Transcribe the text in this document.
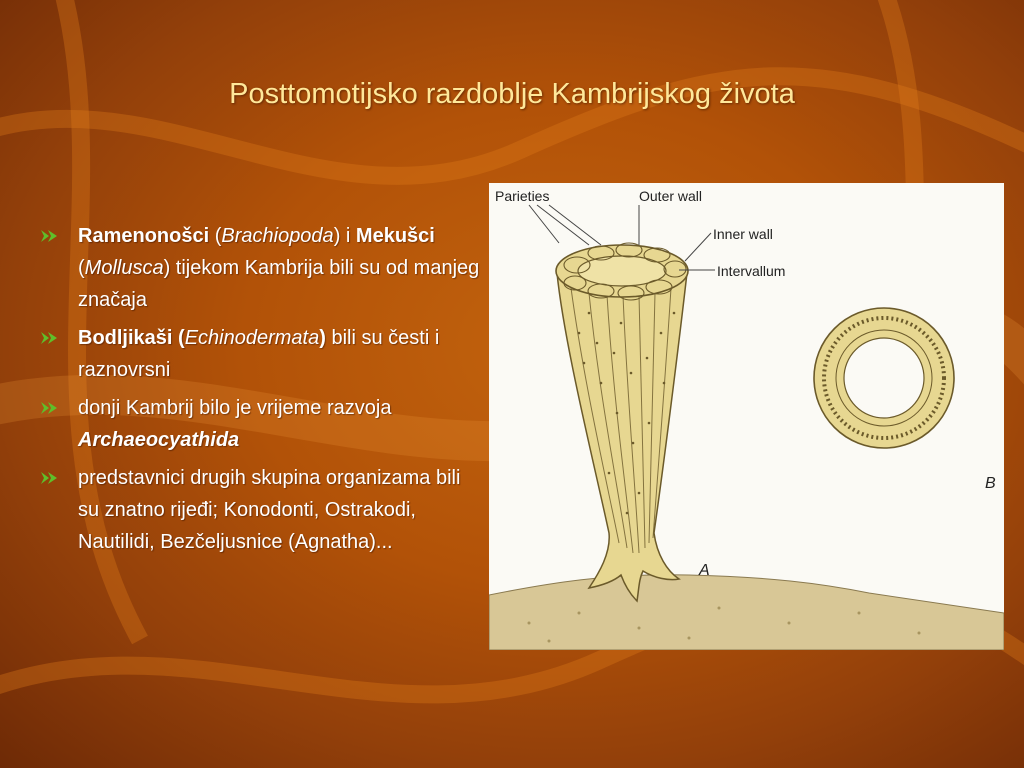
Posttomotijsko razdoblje Kambrijskog života
Ramenonošci (Brachiopoda) i Mekušci (Mollusca) tijekom Kambrija bili su od manjeg značaja
Bodljikaši (Echinodermata) bili su česti i raznovrsni
donji Kambrij bilo je vrijeme razvoja Archaeocyathida
predstavnici drugih skupina organizama bili su znatno rijeđi; Konodonti, Ostrakodi, Nautilidi, Bezčeljusnice (Agnatha)...
Parieties	Outer wall
Inner wall
Intervallum
A
B
